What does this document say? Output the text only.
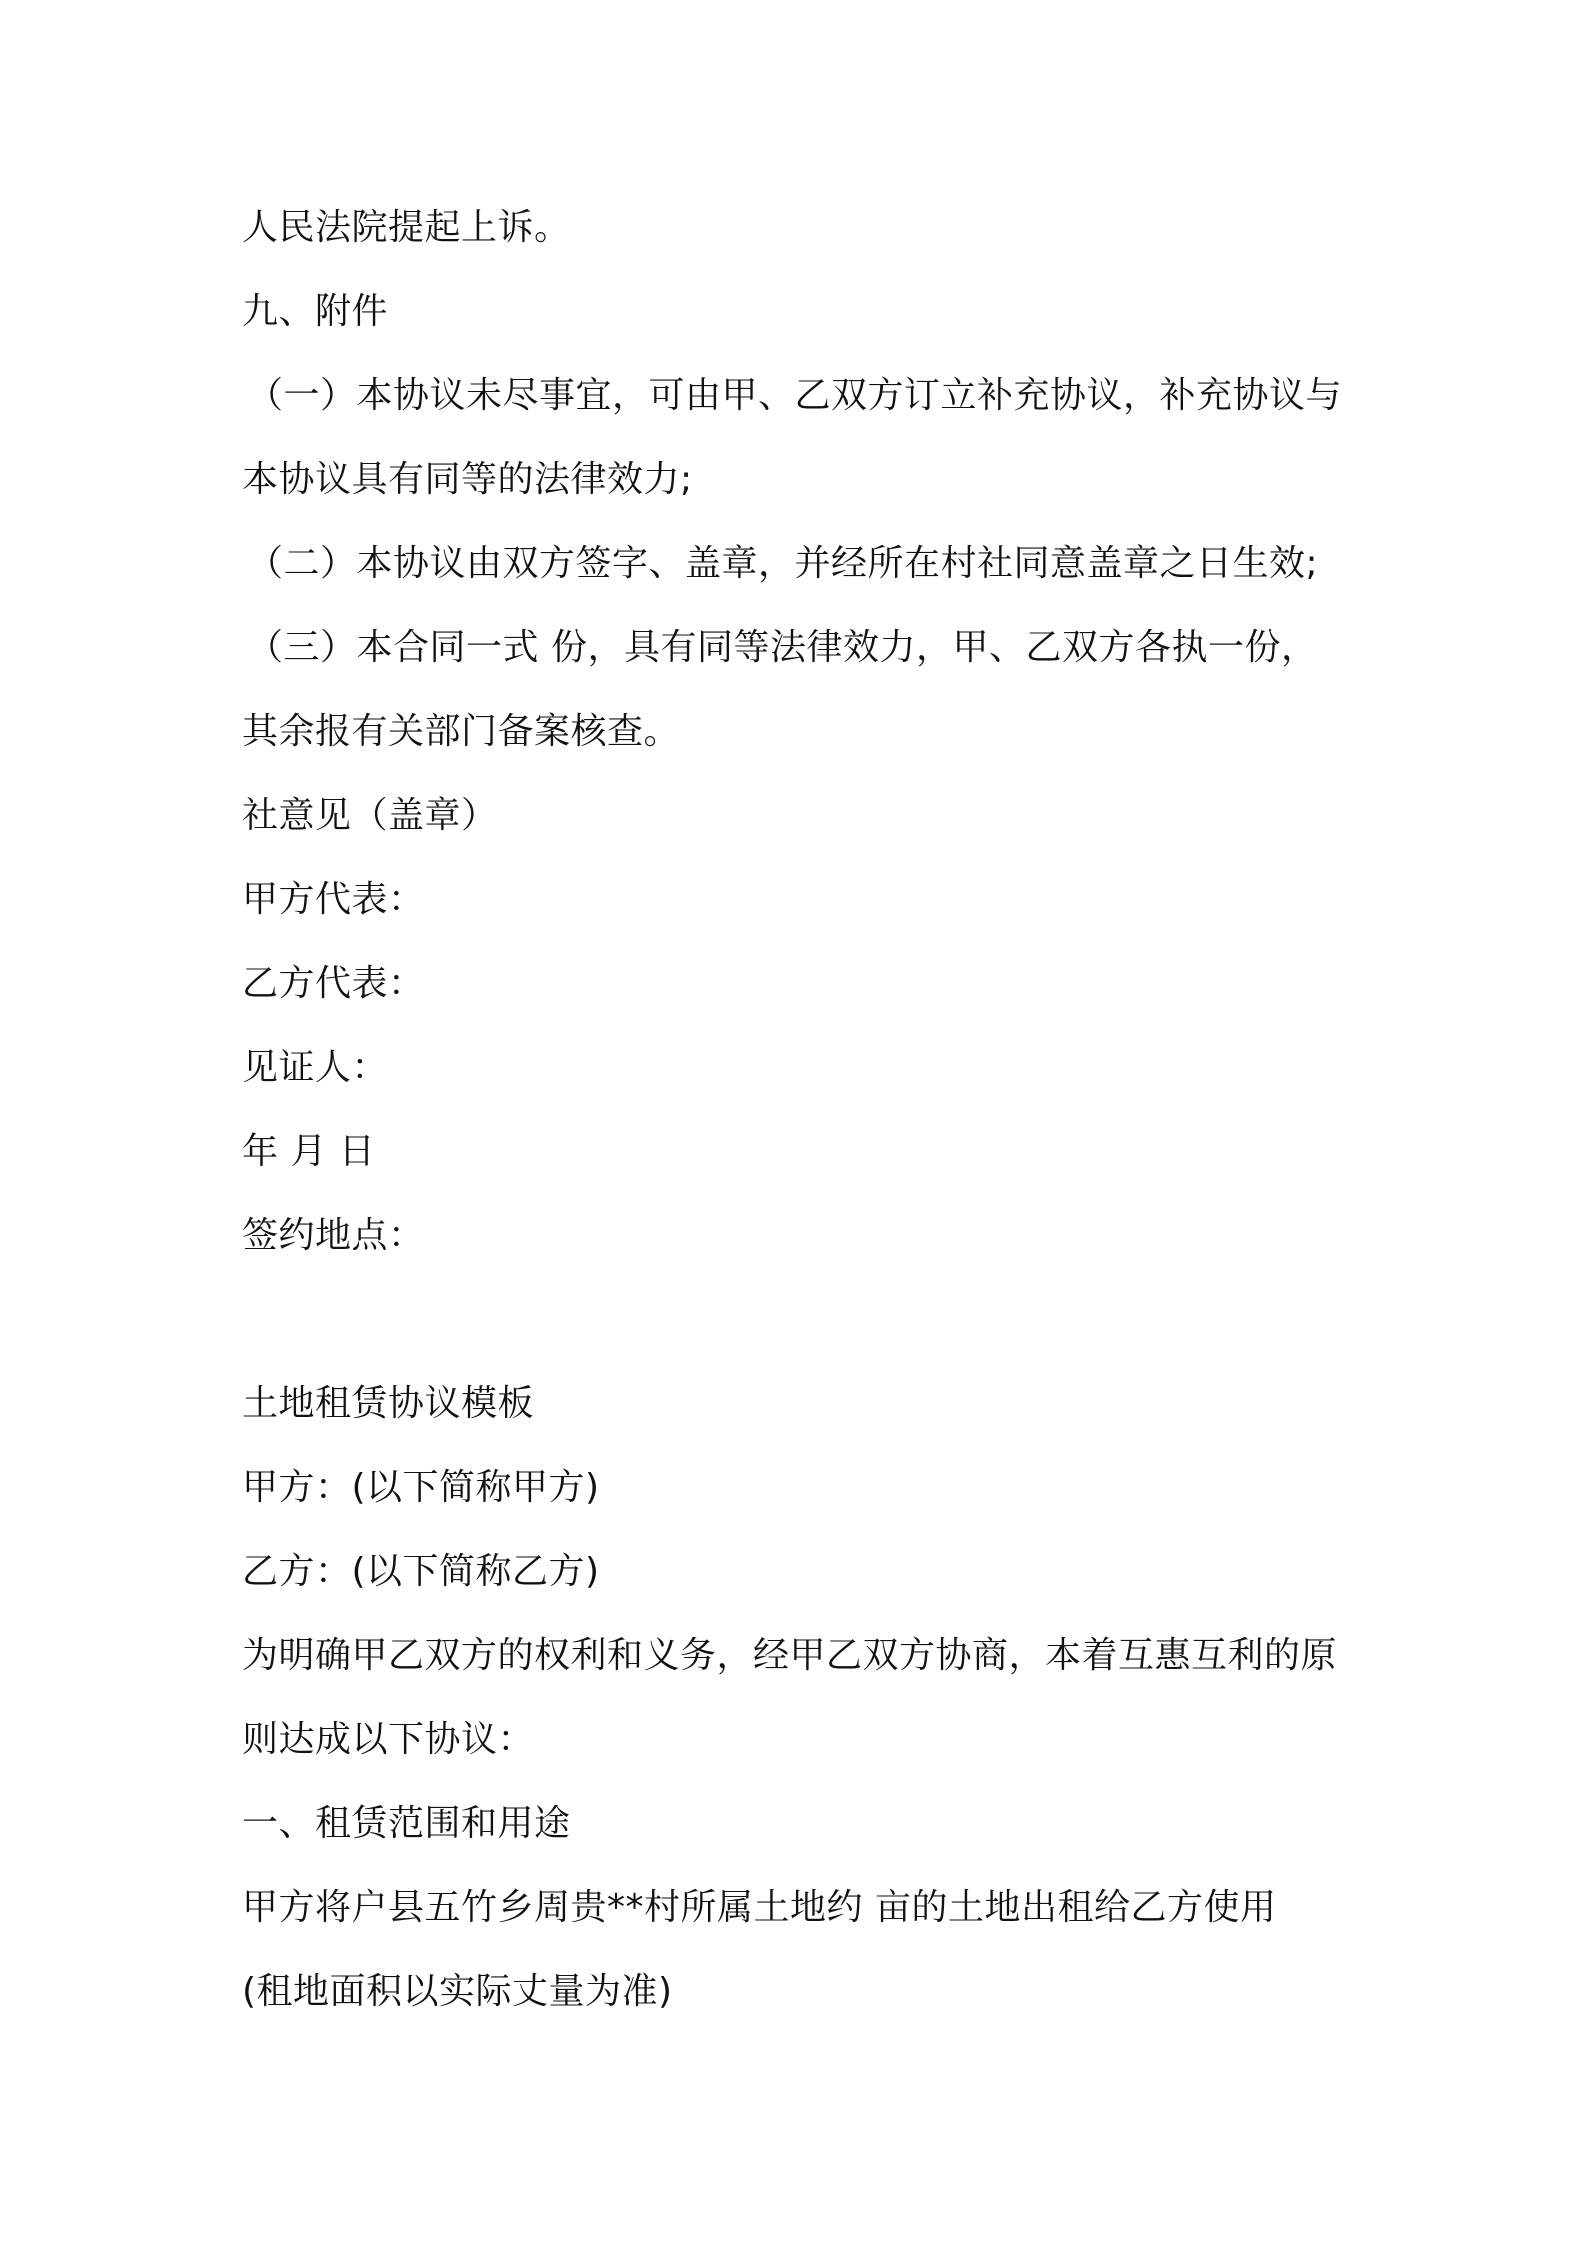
人民法院提起上诉。

九、附件

（一）本协议未尽事宜，可由甲、乙双方订立补充协议，补充协议与

本协议具有同等的法律效力;

（二）本协议由双方签字、盖章，并经所在村社同意盖章之日生效;

（三）本合同一式 份，具有同等法律效力，甲、乙双方各执一份，

其余报有关部门备案核查。

社意见（盖章）

甲方代表：

乙方代表：

见证人：

年 月 日

签约地点：

土地租赁协议模板

甲方：(以下简称甲方)

乙方：(以下简称乙方)

为明确甲乙双方的权利和义务，经甲乙双方协商，本着互惠互利的原

则达成以下协议：

一、租赁范围和用途

甲方将户县五竹乡周贵**村所属土地约 亩的土地出租给乙方使用

(租地面积以实际丈量为准)
